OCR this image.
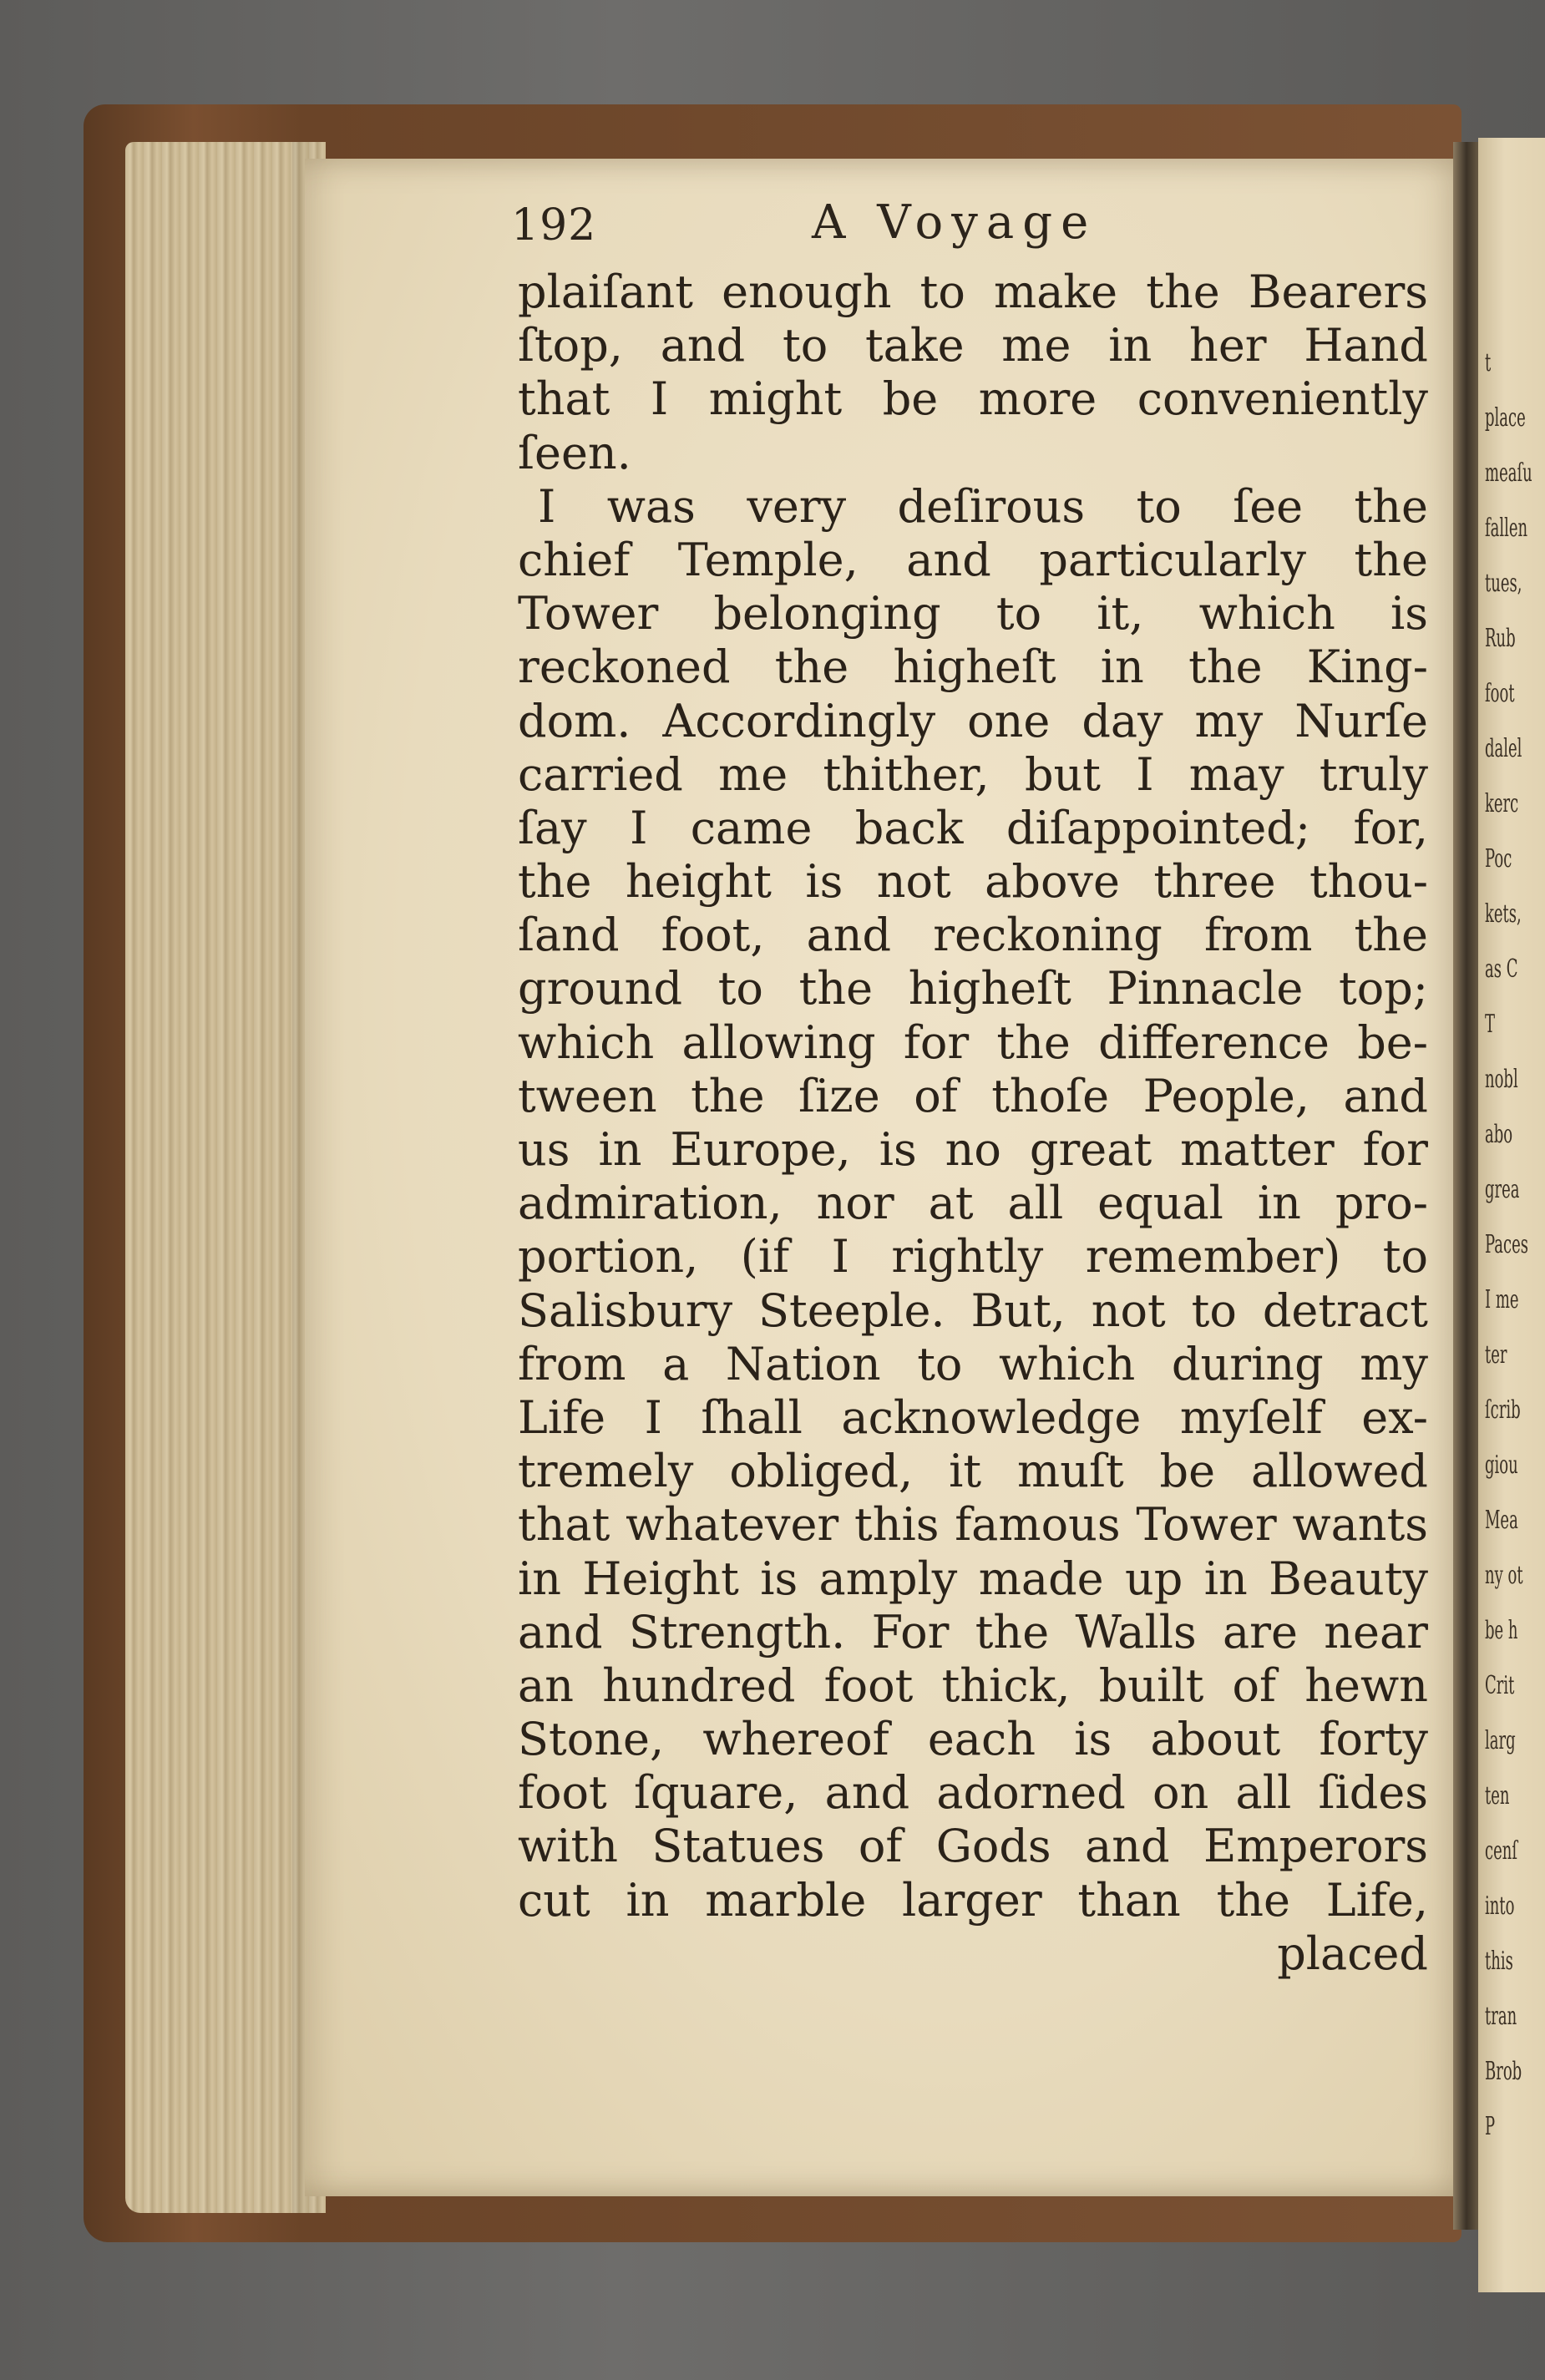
t
place
meaſu
fallen
tues,
Rub
foot
dalel
kerc
Poc
kets,
as C
T
nobl
abo
grea
Paces
I me
ter
ſcrib
giou
Mea
ny ot
be h
Crit
larg
ten
cenſ
into
this
tran
Brob
P
192	A Voyage
plaiſant enough to make the Bearers
ſtop, and to take me in her Hand
that I might be more conveniently
ſeen.
I was very deſirous to ſee the
chief Temple, and particularly the
Tower belonging to it, which is
reckoned the higheſt in the King-
dom. Accordingly one day my Nurſe
carried me thither, but I may truly
ſay I came back diſappointed; for,
the height is not above three thou-
ſand foot, and reckoning from the
ground to the higheſt Pinnacle top;
which allowing for the difference be-
tween the ſize of thoſe People, and
us in Europe, is no great matter for
admiration, nor at all equal in pro-
portion, (if I rightly remember) to
Salisbury Steeple. But, not to detract
from a Nation to which during my
Life I ſhall acknowledge myſelf ex-
tremely obliged, it muſt be allowed
that whatever this famous Tower wants
in Height is amply made up in Beauty
and Strength. For the Walls are near
an hundred foot thick, built of hewn
Stone, whereof each is about forty
foot ſquare, and adorned on all ſides
with Statues of Gods and Emperors
cut in marble larger than the Life,
placed
